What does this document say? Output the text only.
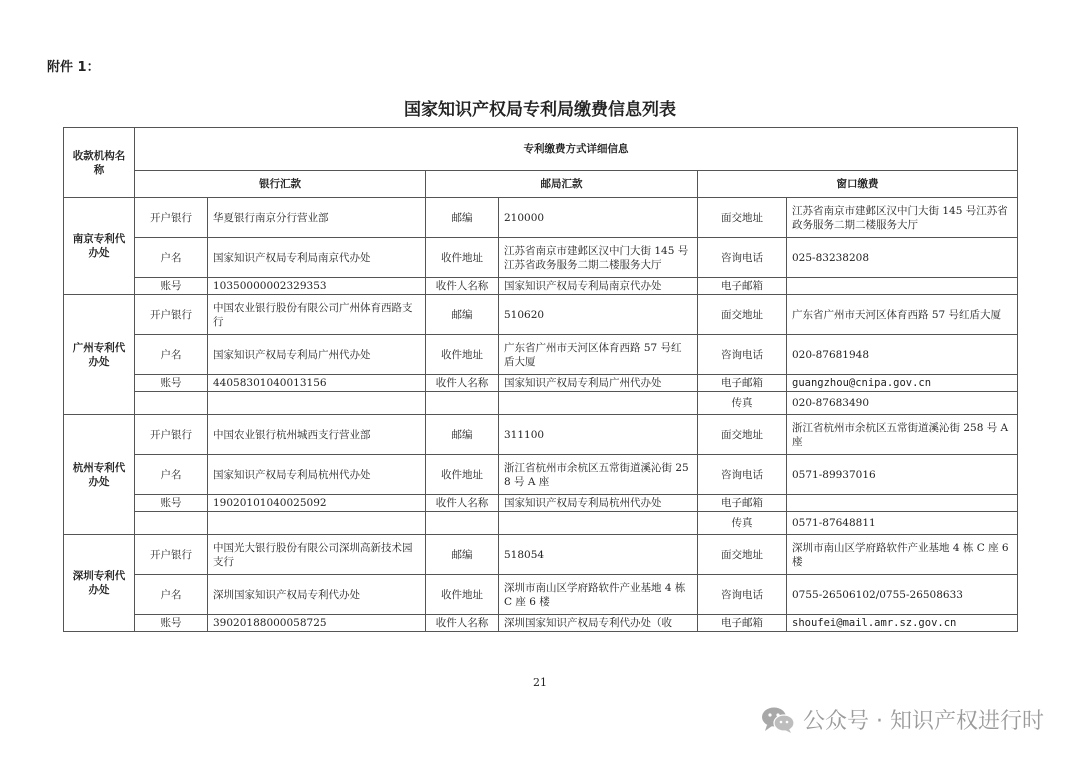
附件 1：
国家知识产权局专利局缴费信息列表
收款机构名称	专利缴费方式详细信息					
	银行汇款		邮局汇款		窗口缴费	
南京专利代办处	开户银行	华夏银行南京分行营业部	邮编	210000	面交地址	江苏省南京市建邺区汉中门大街 145 号江苏省政务服务二期二楼服务大厅
	户名	国家知识产权局专利局南京代办处	收件地址	江苏省南京市建邺区汉中门大街 145 号江苏省政务服务二期二楼服务大厅	咨询电话	025-83238208
	账号	10350000002329353	收件人名称	国家知识产权局专利局南京代办处	电子邮箱	
广州专利代办处	开户银行	中国农业银行股份有限公司广州体育西路支行	邮编	510620	面交地址	广东省广州市天河区体育西路 57 号红盾大厦
	户名	国家知识产权局专利局广州代办处	收件地址	广东省广州市天河区体育西路 57 号红盾大厦	咨询电话	020-87681948
	账号	44058301040013156	收件人名称	国家知识产权局专利局广州代办处	电子邮箱	guangzhou@cnipa.gov.cn
					传真	020-87683490
杭州专利代办处	开户银行	中国农业银行杭州城西支行营业部	邮编	311100	面交地址	浙江省杭州市余杭区五常街道溪沁街 258 号 A 座
	户名	国家知识产权局专利局杭州代办处	收件地址	浙江省杭州市余杭区五常街道溪沁街 258 号 A 座	咨询电话	0571-89937016
	账号	19020101040025092	收件人名称	国家知识产权局专利局杭州代办处	电子邮箱	
					传真	0571-87648811
深圳专利代办处	开户银行	中国光大银行股份有限公司深圳高新技术园支行	邮编	518054	面交地址	深圳市南山区学府路软件产业基地 4 栋 C 座 6 楼
	户名	深圳国家知识产权局专利代办处	收件地址	深圳市南山区学府路软件产业基地 4 栋 C 座 6 楼	咨询电话	0755-26506102/0755-26508633
	账号	39020188000058725	收件人名称	深圳国家知识产权局专利代办处（收	电子邮箱	shoufei@mail.amr.sz.gov.cn
21
公众号 · 知识产权进行时
